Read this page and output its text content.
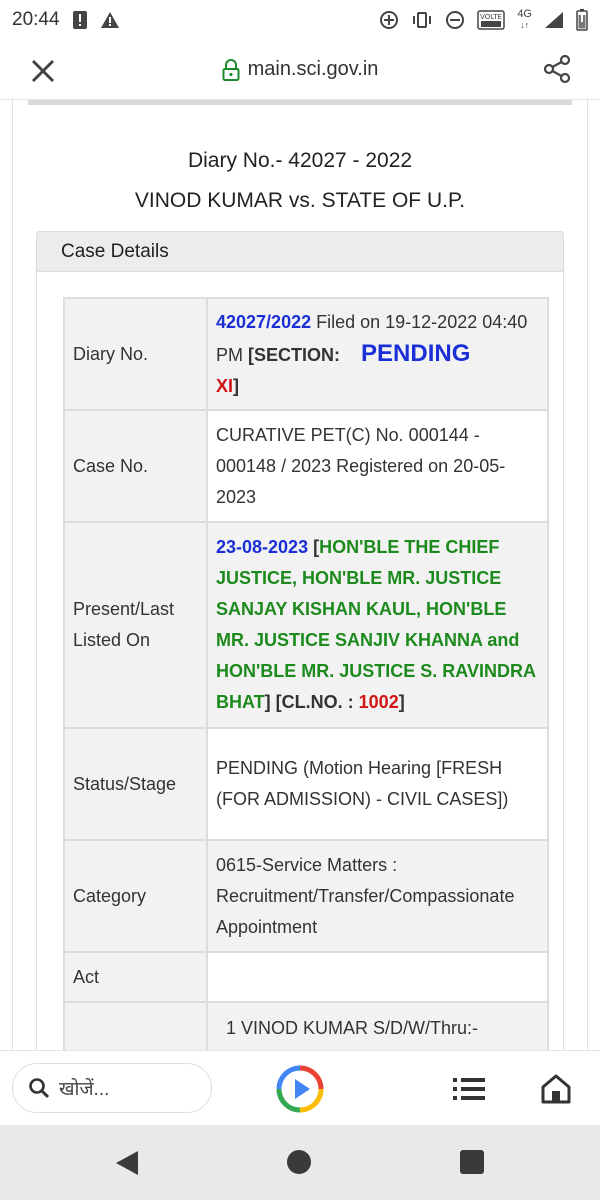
20:44	VOLTE 4G
↓↑
main.sci.gov.in
Diary No.- 42027 - 2022
VINOD KUMAR vs. STATE OF U.P.
Case Details
Diary No.	42027/2022 Filed on 19-12-2022 04:40 PM [SECTION: PENDING
XI]
Case No.	CURATIVE PET(C) No. 000144 - 000148 / 2023 Registered on 20-05-2023
Present/Last Listed On	23-08-2023 [HON'BLE THE CHIEF JUSTICE, HON'BLE MR. JUSTICE SANJAY KISHAN KAUL, HON'BLE MR. JUSTICE SANJIV KHANNA and HON'BLE MR. JUSTICE S. RAVINDRA BHAT] [CL.NO. : 1002]
Status/Stage	PENDING (Motion Hearing [FRESH (FOR ADMISSION) - CIVIL CASES])
Category	0615-Service Matters : Recruitment/Transfer/Compassionate Appointment
Act	

	1 VINOD KUMAR S/D/W/Thru:-
खोजें...
